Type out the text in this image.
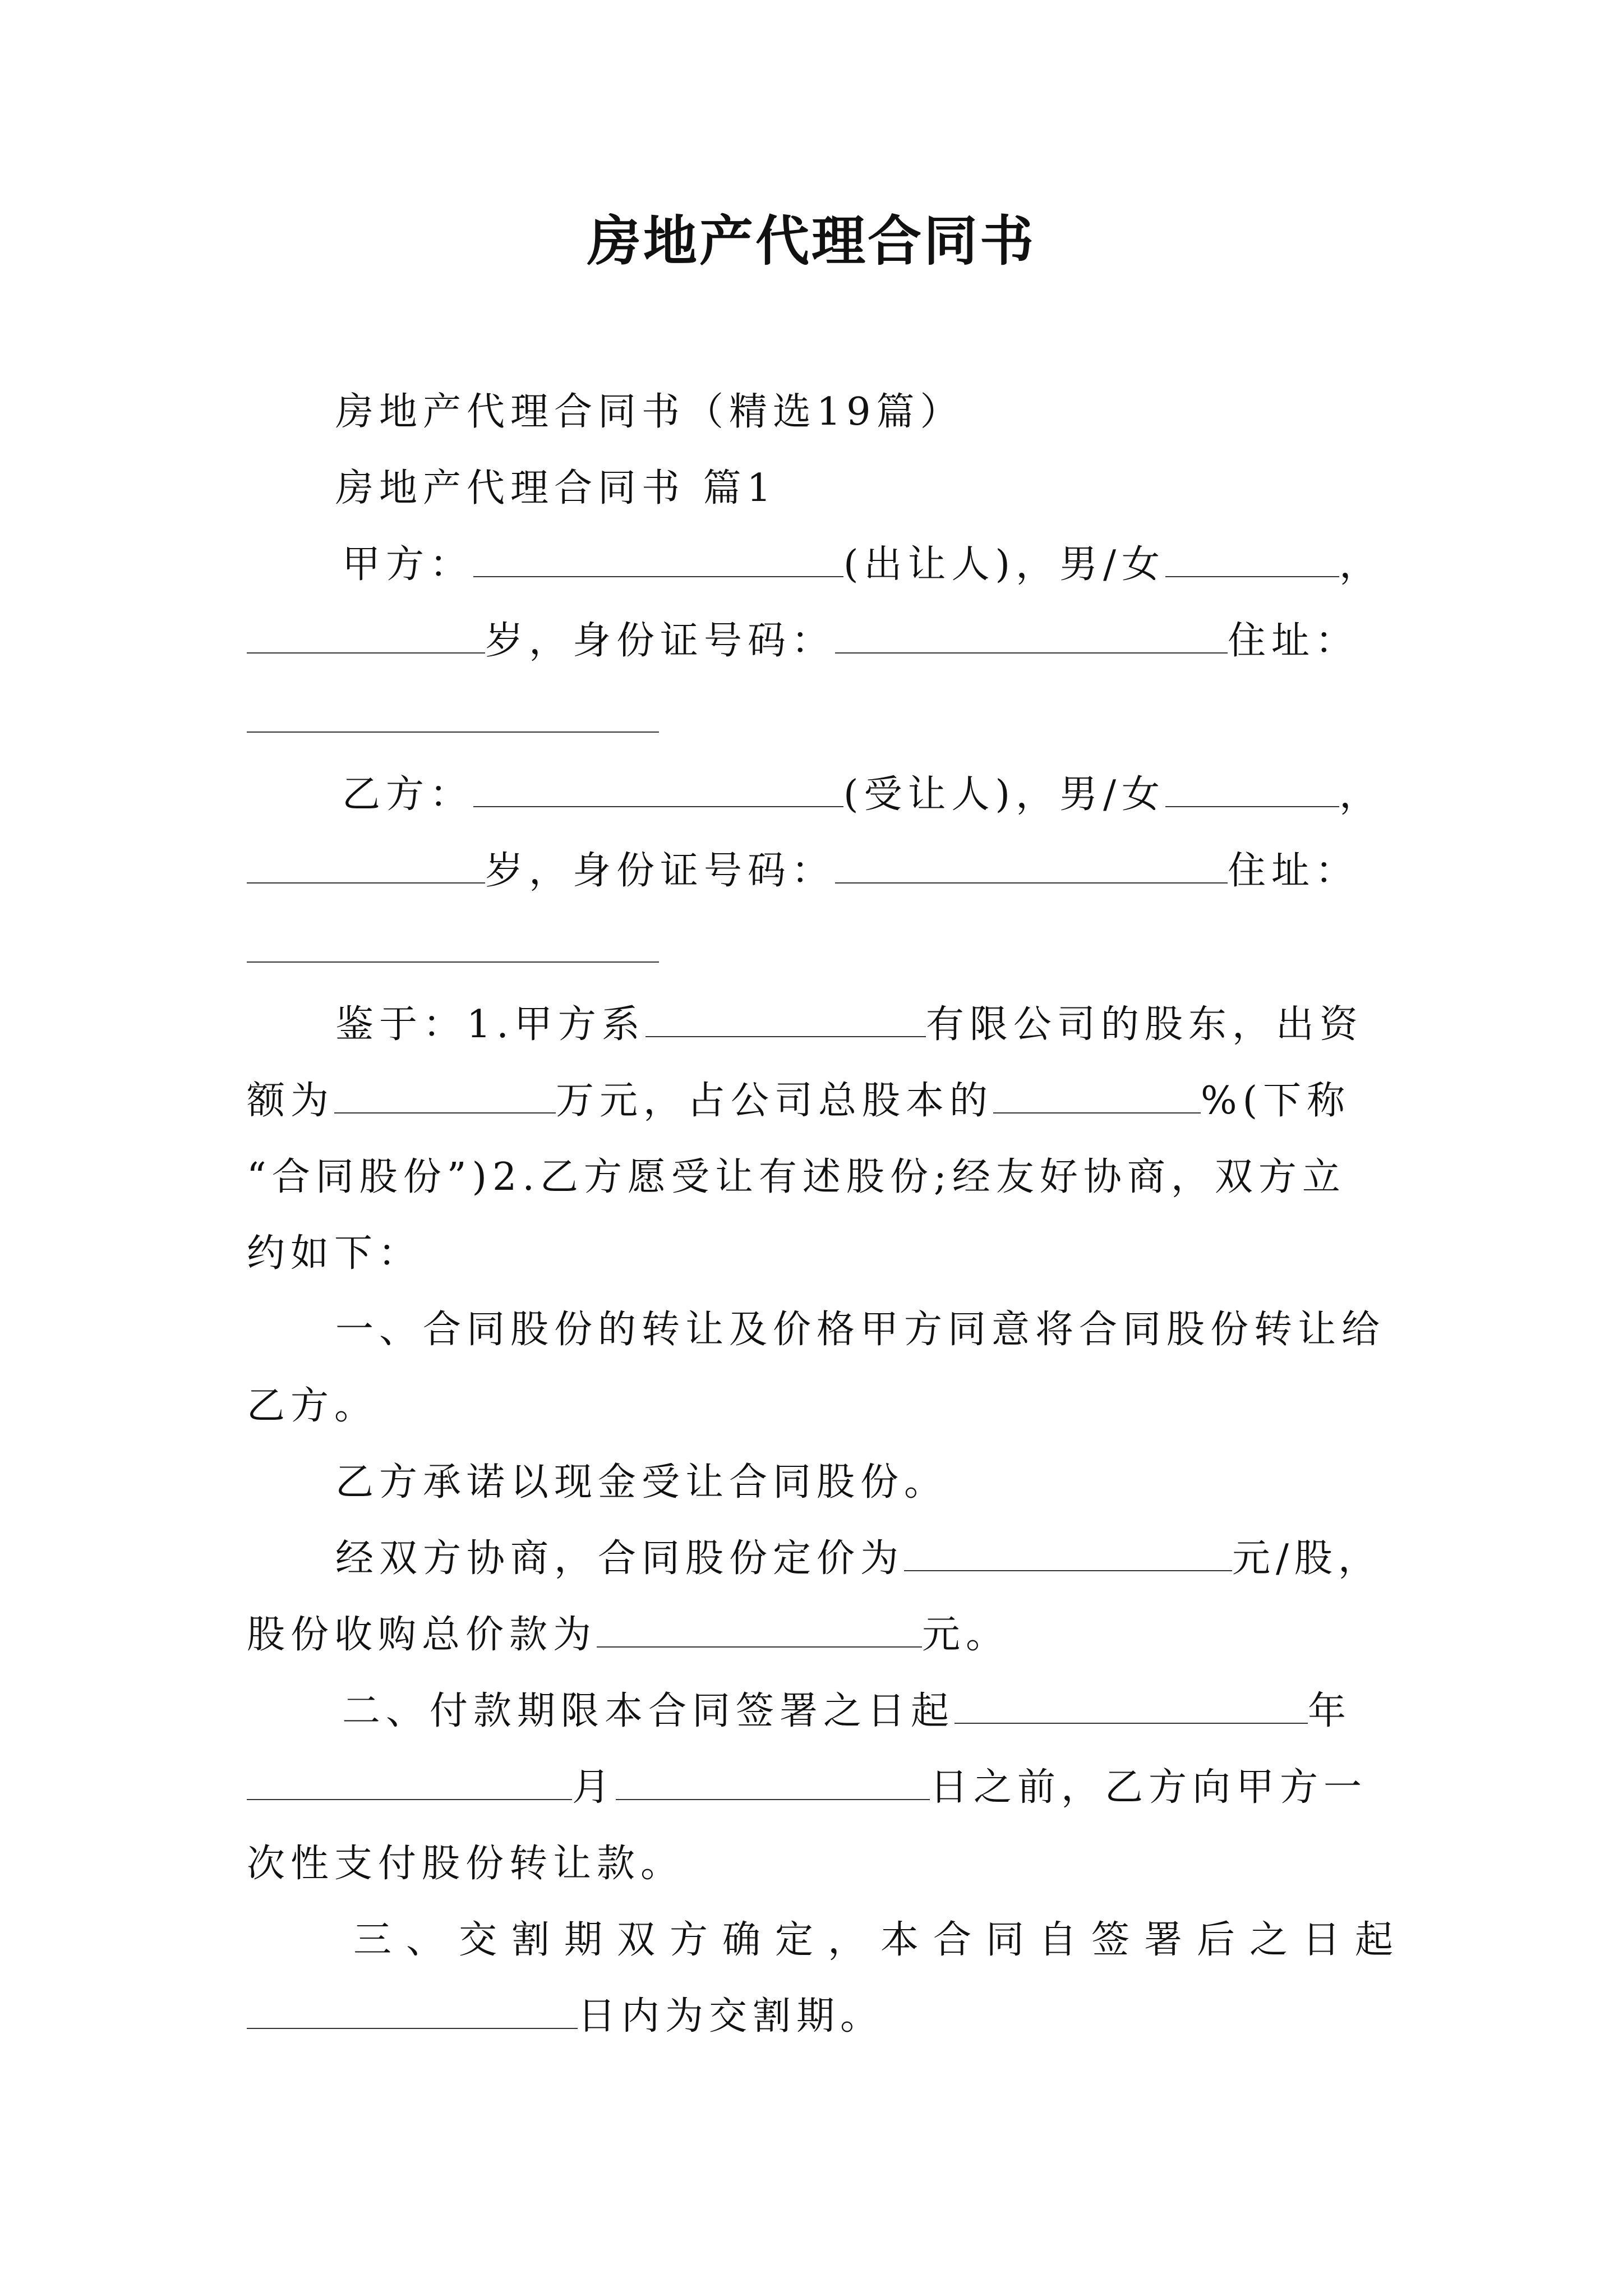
房地产代理合同书
房地产代理合同书（精选19篇）
房地产代理合同书 篇1
甲方：	(出让人)，男/女	，
岁，身份证号码：	住址：
乙方：	(受让人)，男/女	，
岁，身份证号码：	住址：
鉴于：1.甲方系	有限公司的股东，出资
额为	万元，占公司总股本的	%(下称
“合同股份”)2.乙方愿受让有述股份;经友好协商，双方立
约如下：
一、合同股份的转让及价格甲方同意将合同股份转让给
乙方。
乙方承诺以现金受让合同股份。
经双方协商，合同股份定价为	元/股，
股份收购总价款为	元。
二、付款期限本合同签署之日起	年
月	日之前，乙方向甲方一
次性支付股份转让款。
三、交割期双方确定，本合同自签署后之日起
日内为交割期。
